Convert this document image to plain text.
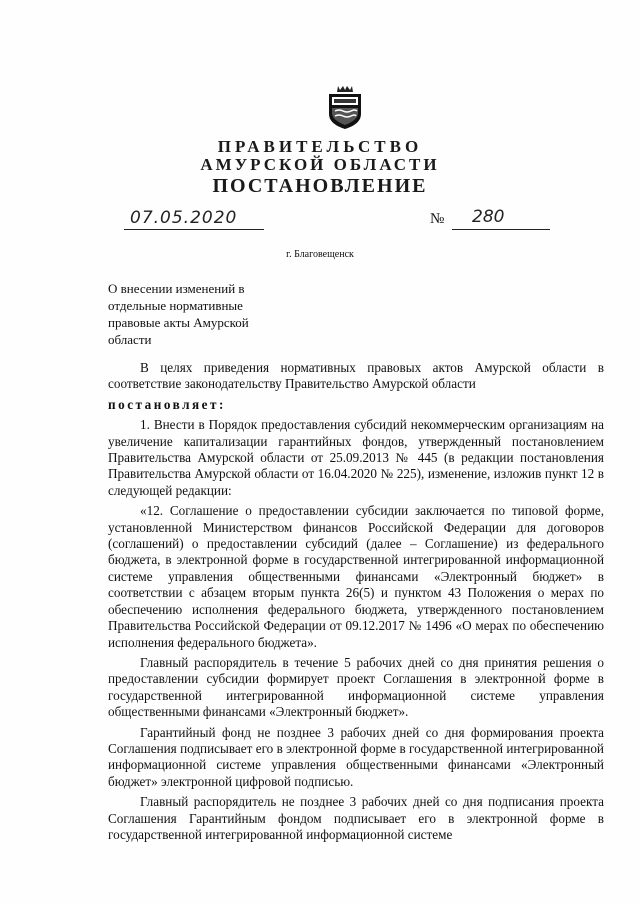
ПРАВИТЕЛЬСТВО
АМУРСКОЙ ОБЛАСТИ
ПОСТАНОВЛЕНИЕ
07.05.2020	№ 280
г. Благовещенск
О внесении изменений в отдельные нормативные правовые акты Амурской области

В целях приведения нормативных правовых актов Амурской области в соответствие законодательству Правительство Амурской области

постановляет:

1. Внести в Порядок предоставления субсидий некоммерческим организациям на увеличение капитализации гарантийных фондов, утвержденный постановлением Правительства Амурской области от 25.09.2013 № 445 (в редакции постановления Правительства Амурской области от 16.04.2020 № 225), изменение, изложив пункт 12 в следующей редакции:

«12. Соглашение о предоставлении субсидии заключается по типовой форме, установленной Министерством финансов Российской Федерации для договоров (соглашений) о предоставлении субсидий (далее – Соглашение) из федерального бюджета, в электронной форме в государственной интегрированной информационной системе управления общественными финансами «Электронный бюджет» в соответствии с абзацем вторым пункта 26(5) и пунктом 43 Положения о мерах по обеспечению исполнения федерального бюджета, утвержденного постановлением Правительства Российской Федерации от 09.12.2017 № 1496 «О мерах по обеспечению исполнения федерального бюджета».

Главный распорядитель в течение 5 рабочих дней со дня принятия решения о предоставлении субсидии формирует проект Соглашения в электронной форме в государственной интегрированной информационной системе управления общественными финансами «Электронный бюджет».

Гарантийный фонд не позднее 3 рабочих дней со дня формирования проекта Соглашения подписывает его в электронной форме в государственной интегрированной информационной системе управления общественными финансами «Электронный бюджет» электронной цифровой подписью.

Главный распорядитель не позднее 3 рабочих дней со дня подписания проекта Соглашения Гарантийным фондом подписывает его в электронной форме в государственной интегрированной информационной системе
